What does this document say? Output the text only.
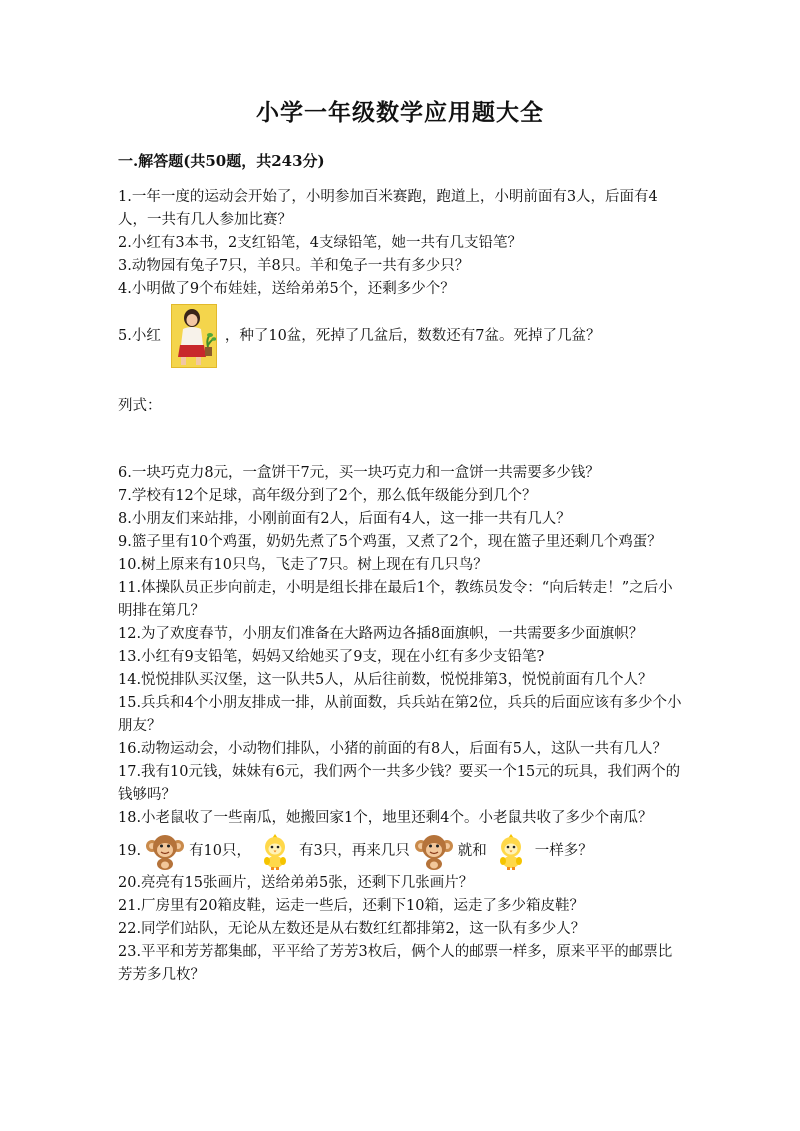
小学一年级数学应用题大全
一.解答题(共50题，共243分)

1.一年一度的运动会开始了，小明参加百米赛跑，跑道上，小明前面有3人，后面有4人，一共有几人参加比赛？

2.小红有3本书，2支红铅笔，4支绿铅笔，她一共有几支铅笔？

3.动物园有兔子7只，羊8只。羊和兔子一共有多少只？

4.小明做了9个布娃娃，送给弟弟5个，还剩多少个？

5.小红	，种了10盆，死掉了几盆后，数数还有7盆。死掉了几盆？
列式：

6.一块巧克力8元，一盒饼干7元，买一块巧克力和一盒饼一共需要多少钱？

7.学校有12个足球，高年级分到了2个，那么低年级能分到几个？

8.小朋友们来站排，小刚前面有2人，后面有4人，这一排一共有几人？

9.篮子里有10个鸡蛋，奶奶先煮了5个鸡蛋，又煮了2个，现在篮子里还剩几个鸡蛋？

10.树上原来有10只鸟，飞走了7只。树上现在有几只鸟？

11.体操队员正步向前走，小明是组长排在最后1个，教练员发令：“向后转走！”之后小明排在第几？

12.为了欢度春节，小朋友们准备在大路两边各插8面旗帜，一共需要多少面旗帜？

13.小红有9支铅笔，妈妈又给她买了9支，现在小红有多少支铅笔?

14.悦悦排队买汉堡，这一队共5人，从后往前数，悦悦排第3，悦悦前面有几个人？

15.兵兵和4个小朋友排成一排，从前面数，兵兵站在第2位，兵兵的后面应该有多少个小朋友？

16.动物运动会，小动物们排队，小猪的前面的有8人，后面有5人，这队一共有几人？

17.我有10元钱，妹妹有6元，我们两个一共多少钱？要买一个15元的玩具，我们两个的钱够吗？

18.小老鼠收了一些南瓜，她搬回家1个，地里还剩4个。小老鼠共收了多少个南瓜？

19.	有10只，	有3只，再来几只	就和	一样多？

20.亮亮有15张画片，送给弟弟5张，还剩下几张画片？

21.厂房里有20箱皮鞋，运走一些后，还剩下10箱，运走了多少箱皮鞋？

22.同学们站队，无论从左数还是从右数红红都排第2，这一队有多少人？

23.平平和芳芳都集邮，平平给了芳芳3枚后，俩个人的邮票一样多，原来平平的邮票比芳芳多几枚？
